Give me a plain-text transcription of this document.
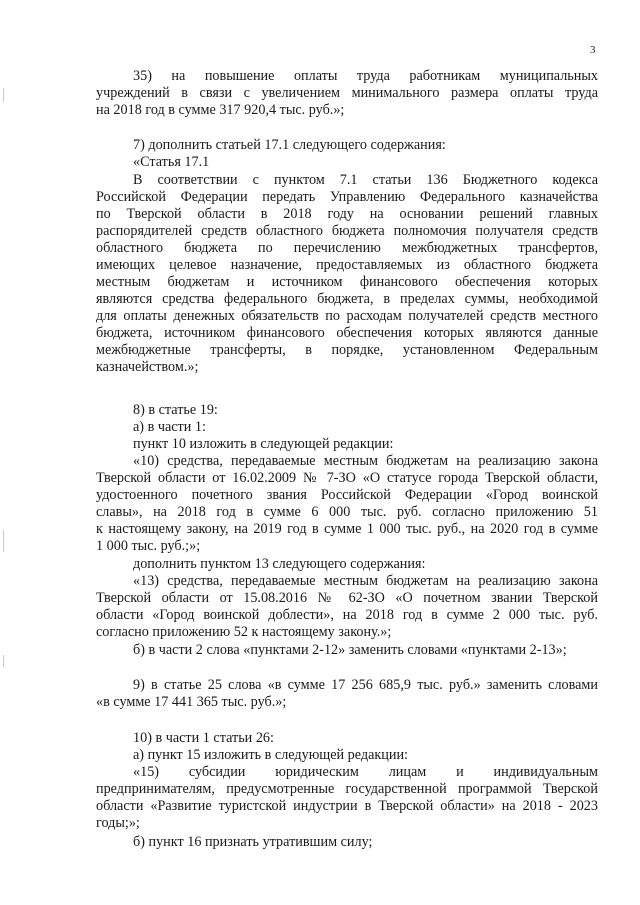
3
35) на повышение оплаты труда работникам муниципальных
учреждений в связи с увеличением минимального размера оплаты труда
на 2018 год в сумме 317 920,4 тыс. руб.»;
7) дополнить статьей 17.1 следующего содержания:
«Статья 17.1
В соответствии с пунктом 7.1 статьи 136 Бюджетного кодекса
Российской Федерации передать Управлению Федерального казначейства
по Тверской области в 2018 году на основании решений главных
распорядителей средств областного бюджета полномочия получателя средств
областного бюджета по перечислению межбюджетных трансфертов,
имеющих целевое назначение, предоставляемых из областного бюджета
местным бюджетам и источником финансового обеспечения которых
являются средства федерального бюджета, в пределах суммы, необходимой
для оплаты денежных обязательств по расходам получателей средств местного
бюджета, источником финансового обеспечения которых являются данные
межбюджетные трансферты, в порядке, установленном Федеральным
казначейством.»;
8) в статье 19:
а) в части 1:
пункт 10 изложить в следующей редакции:
«10) средства, передаваемые местным бюджетам на реализацию закона
Тверской области от 16.02.2009 № 7-ЗО «О статусе города Тверской области,
удостоенного почетного звания Российской Федерации «Город воинской
славы», на 2018 год в сумме 6 000 тыс. руб. согласно приложению 51
к настоящему закону, на 2019 год в сумме 1 000 тыс. руб., на 2020 год в сумме
1 000 тыс. руб.;»;
дополнить пунктом 13 следующего содержания:
«13) средства, передаваемые местным бюджетам на реализацию закона
Тверской области от 15.08.2016 № 62-ЗО «О почетном звании Тверской
области «Город воинской доблести», на 2018 год в сумме 2 000 тыс. руб.
согласно приложению 52 к настоящему закону.»;
б) в части 2 слова «пунктами 2-12» заменить словами «пунктами 2-13»;
9) в статье 25 слова «в сумме 17 256 685,9 тыс. руб.» заменить словами
«в сумме 17 441 365 тыс. руб.»;
10) в части 1 статьи 26:
а) пункт 15 изложить в следующей редакции:
«15) субсидии юридическим лицам и индивидуальным
предпринимателям, предусмотренные государственной программой Тверской
области «Развитие туристской индустрии в Тверской области» на 2018 - 2023
годы;»;
б) пункт 16 признать утратившим силу;
